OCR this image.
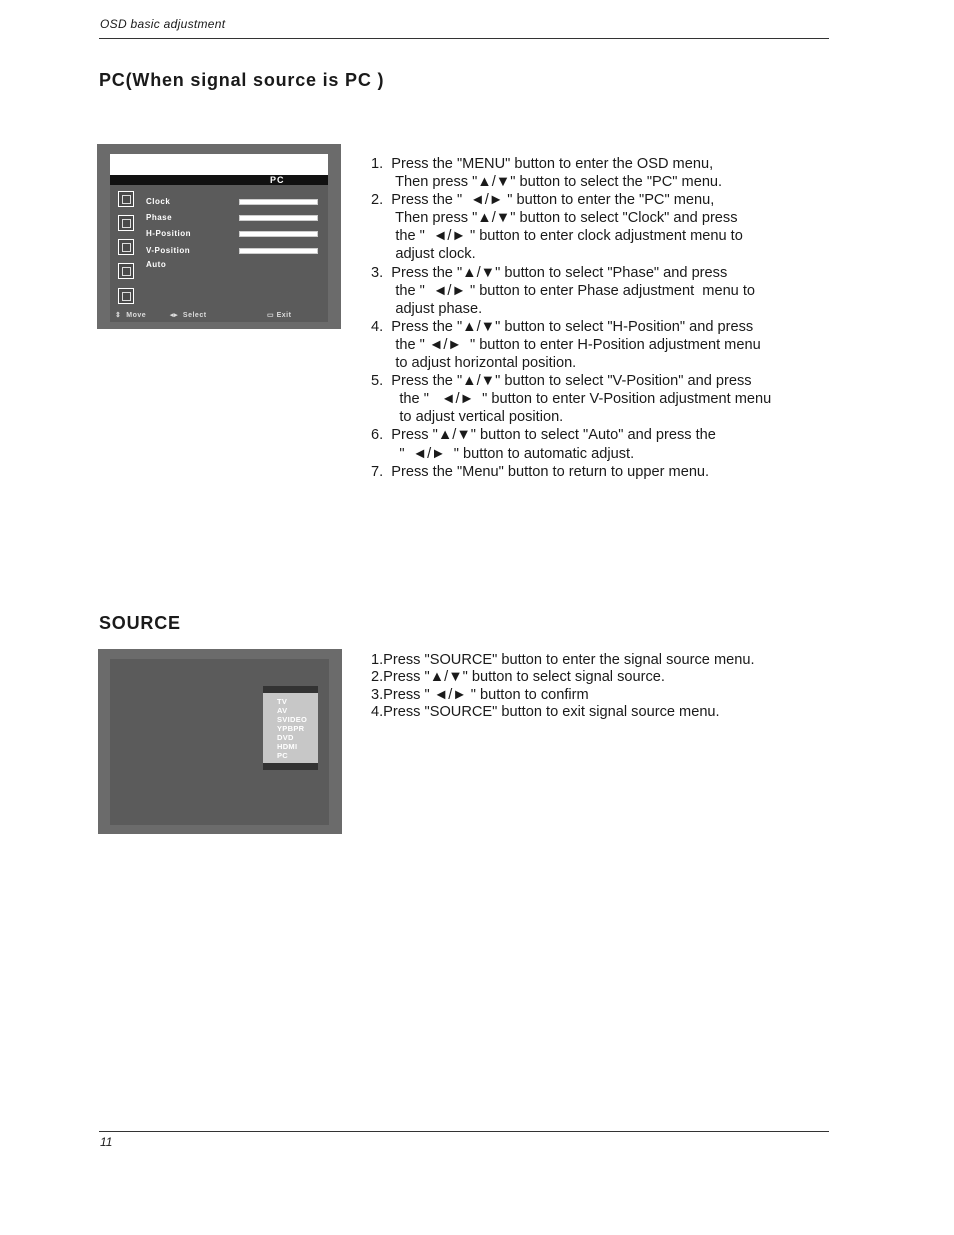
OSD basic adjustment
PC(When signal source is PC )
PC
Clock
Phase
H-Position
V-Position
Auto
⇕ Move	◂▸ Select	▭ Exit
1.  Press the "MENU" button to enter the OSD menu,
Then press "▲/▼" button to select the "PC" menu.
2.  Press the "  ◄/► " button to enter the "PC" menu,
Then press "▲/▼" button to select "Clock" and press
the "  ◄/► " button to enter clock adjustment menu to
adjust clock.
3.  Press the "▲/▼" button to select "Phase" and press
the "  ◄/► " button to enter Phase adjustment  menu to
adjust phase.
4.  Press the "▲/▼" button to select "H-Position" and press
the " ◄/►  " button to enter H-Position adjustment menu
to adjust horizontal position.
5.  Press the "▲/▼" button to select "V-Position" and press
the "   ◄/►  " button to enter V-Position adjustment menu
to adjust vertical position.
6.  Press "▲/▼" button to select "Auto" and press the
"  ◄/►  " button to automatic adjust.
7.  Press the "Menu" button to return to upper menu.
SOURCE
TV
AV
SVIDEO
YPBPR
DVD
HDMI
PC
1.Press "SOURCE" button to enter the signal source menu.
2.Press "▲/▼" button to select signal source.
3.Press " ◄/► " button to confirm
4.Press "SOURCE" button to exit signal source menu.
11
